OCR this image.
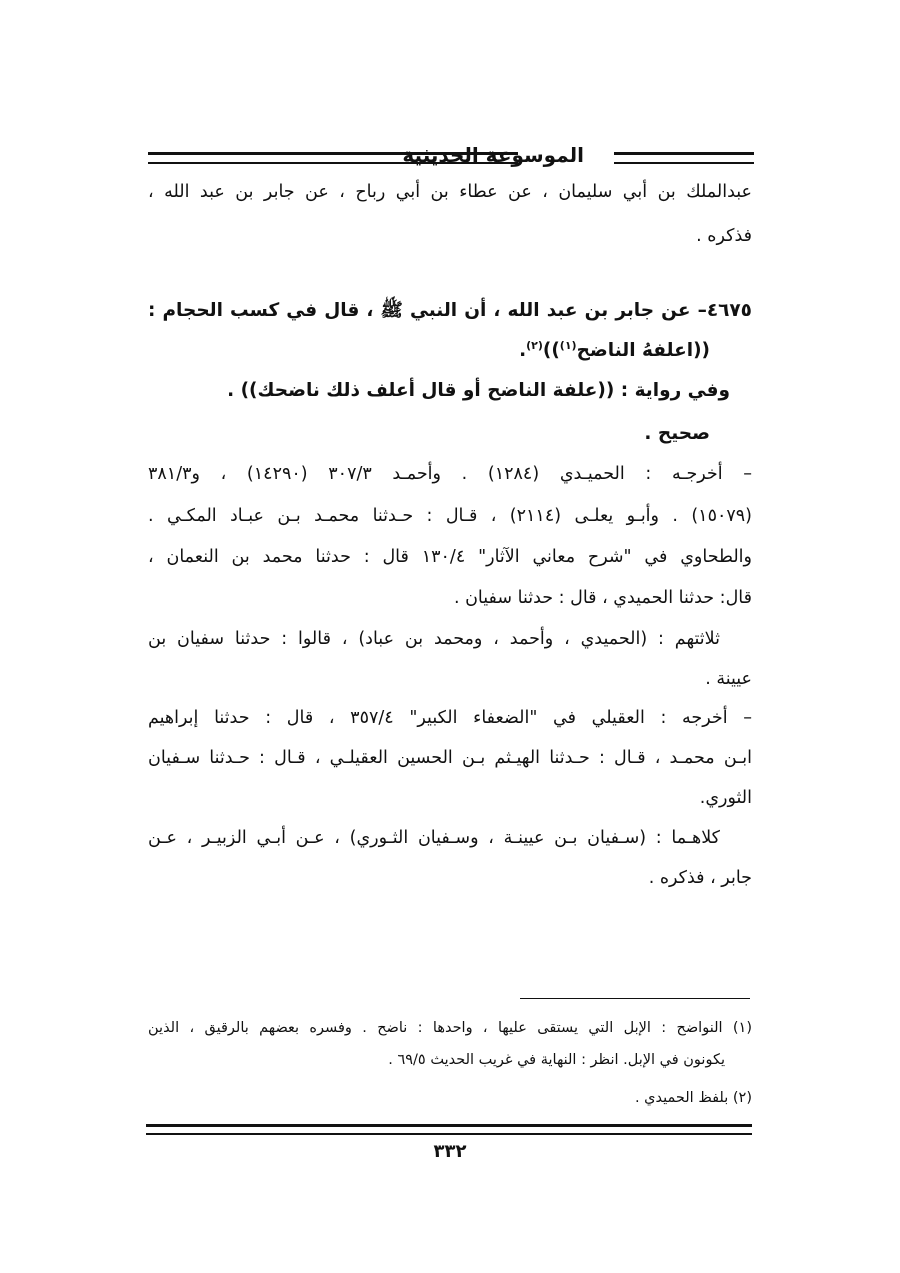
الموسوعة الحديثية
عبدالملك بن أبي سليمان ، عن عطاء بن أبي رباح ، عن جابر بن عبد الله ،
فذكره .
٤٦٧٥– عن جابر بن عبد الله ، أن النبي ﷺ ، قال في كسب الحجام :
((اعلفهُ الناضح$^{(١)}$))$^{(٢)}$.
وفي رواية : ((علفة الناضح أو قال أعلف ذلك ناضحك)) .
صحيح .
– أخرجـه : الحميـدي (١٢٨٤) . وأحمـد ٣٠٧/٣ (١٤٢٩٠) ، و٣٨١/٣
(١٥٠٧٩) . وأبـو يعلـى (٢١١٤) ، قـال : حـدثنا محمـد بـن عبـاد المكـي .
والطحاوي في "شرح معاني الآثار" ١٣٠/٤ قال : حدثنا محمد بن النعمان ،
قال: حدثنا الحميدي ، قال : حدثنا سفيان .
ثلاثتهم : (الحميدي ، وأحمد ، ومحمد بن عباد) ، قالوا : حدثنا سفيان بن
عيينة .
– أخرجه : العقيلي في "الضعفاء الكبير" ٣٥٧/٤ ، قال : حدثنا إبراهيم
ابـن محمـد ، قـال : حـدثنا الهيـثم بـن الحسين العقيلـي ، قـال : حـدثنا سـفيان
الثوري.
كلاهـما : (سـفيان بـن عيينـة ، وسـفيان الثـوري) ، عـن أبـي الزبيـر ، عـن
جابر ، فذكره .
(١) النواضح : الإبل التي يستقى عليها ، واحدها : ناضح . وفسره بعضهم بالرقيق ، الذين
يكونون في الإبل. انظر : النهاية في غريب الحديث ٦٩/٥ .
(٢) بلفظ الحميدي .
٣٣٢
